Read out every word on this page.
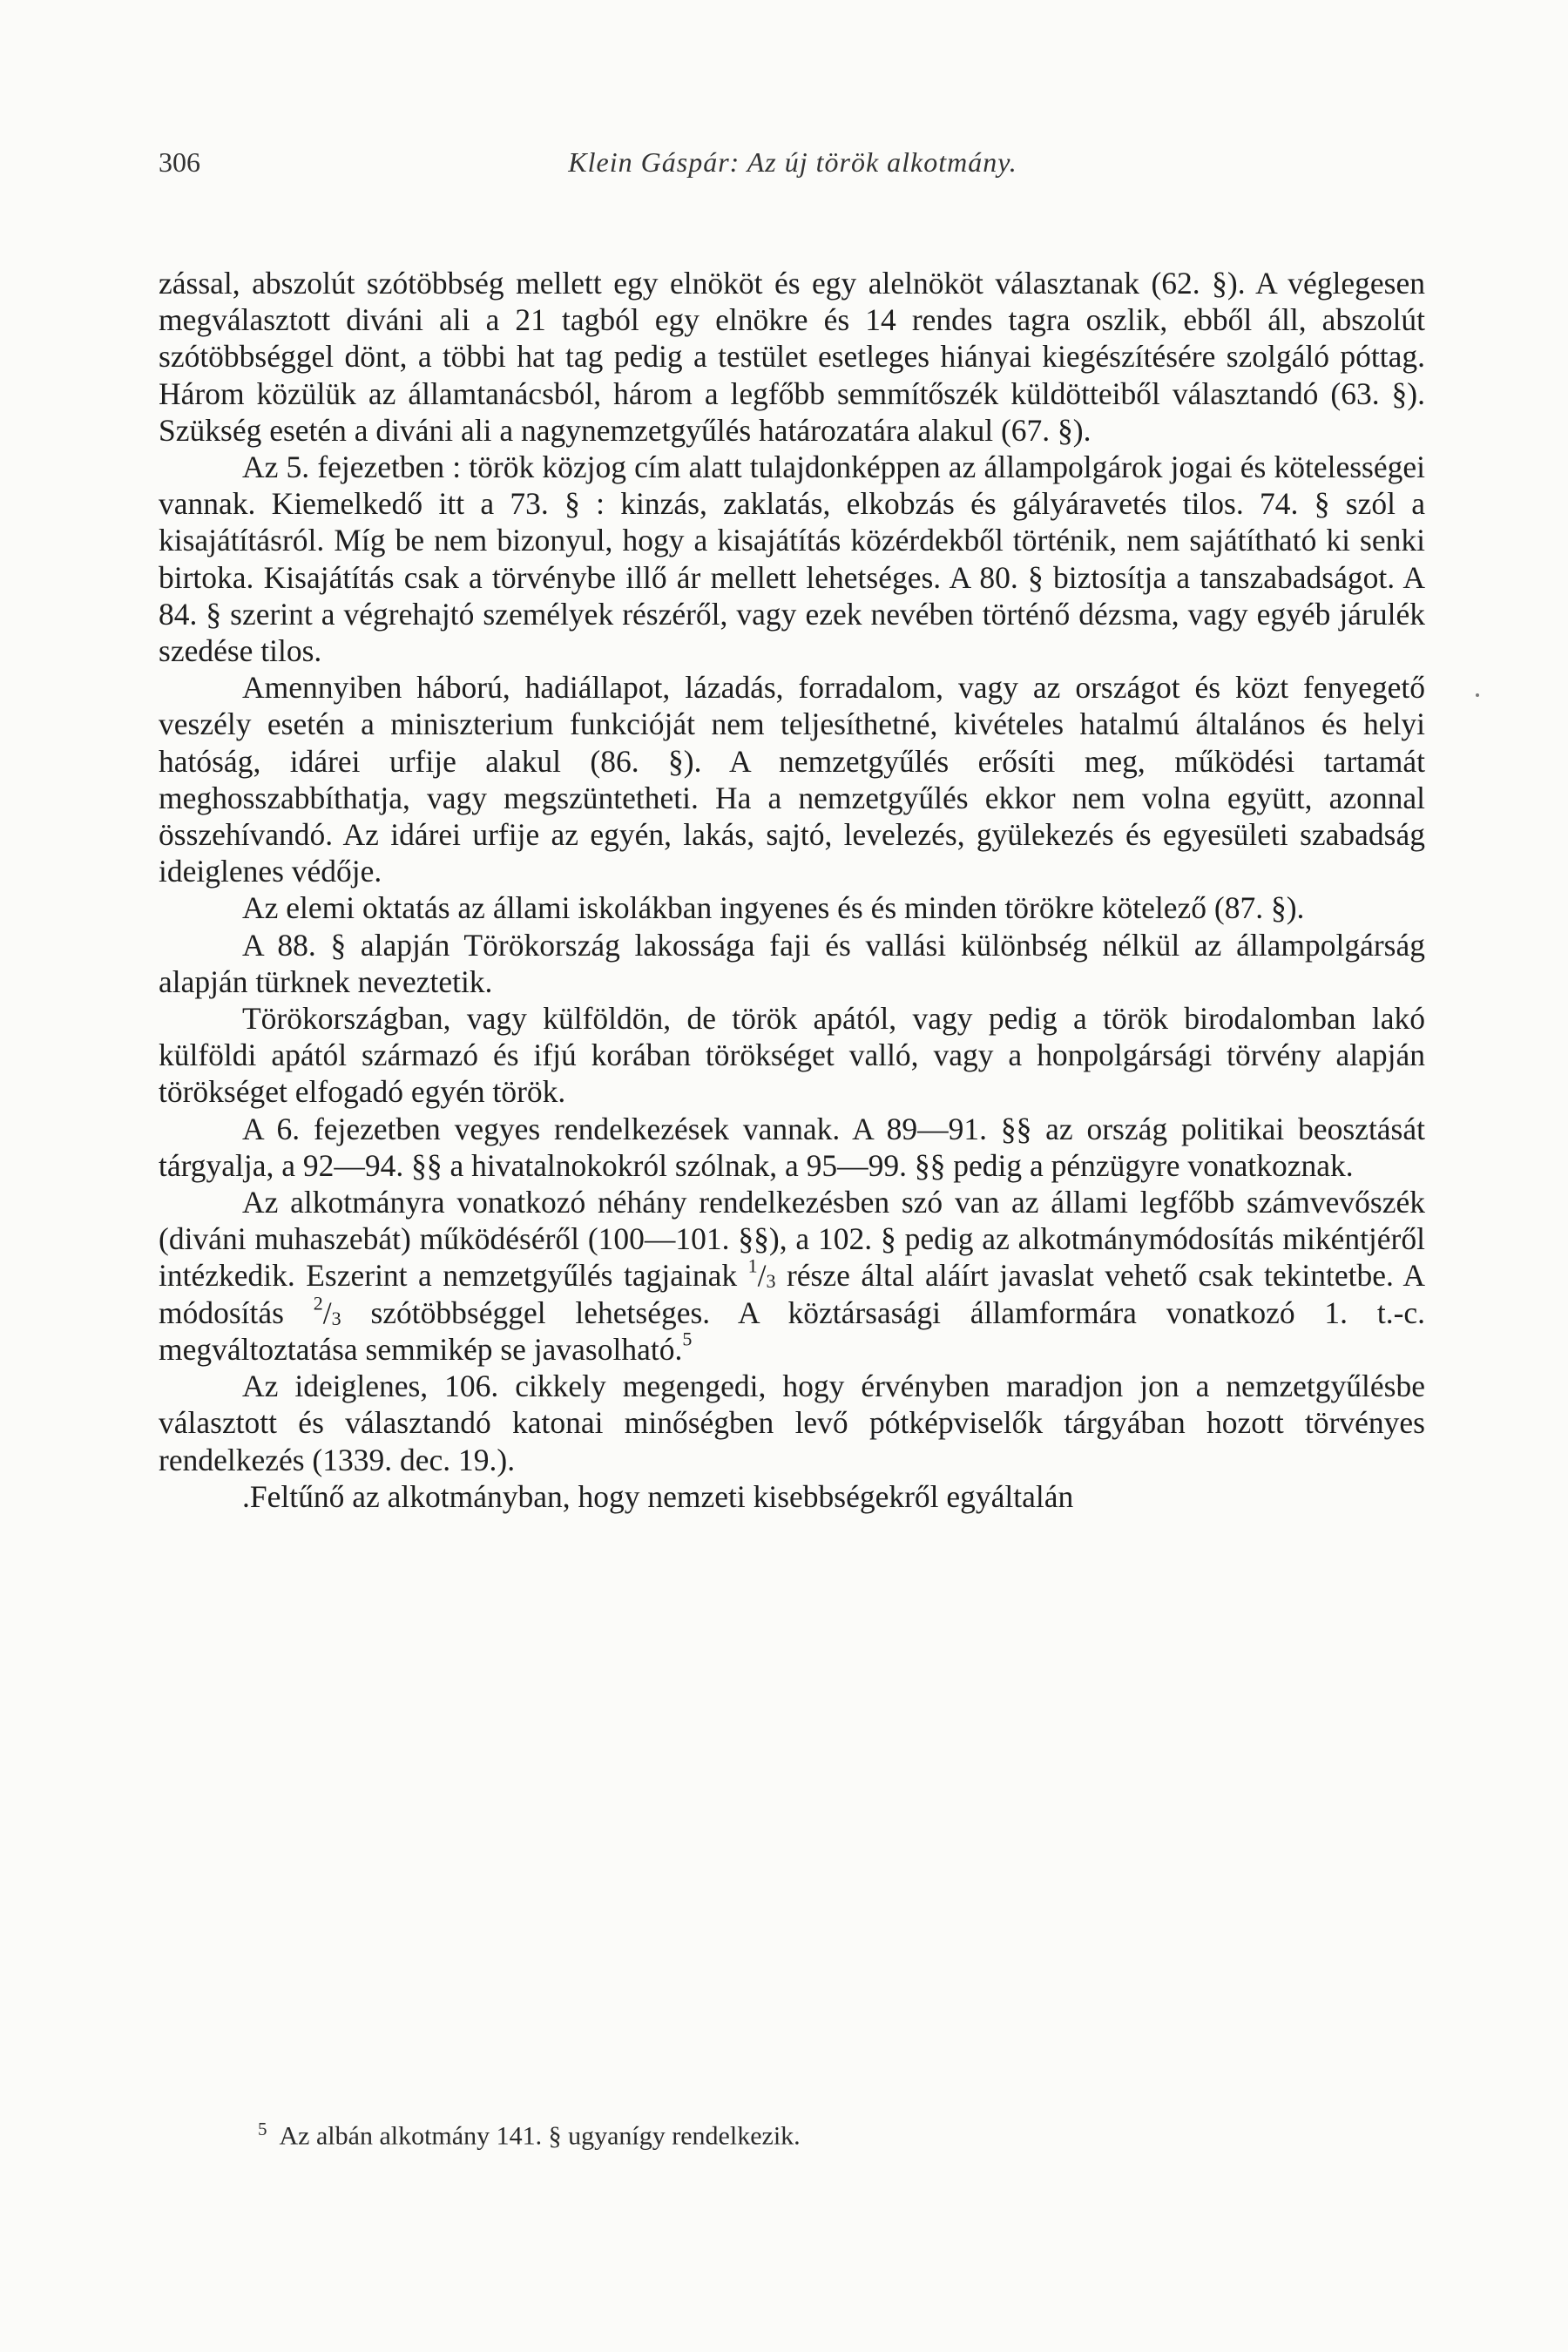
306	Klein Gáspár: Az új török alkotmány.

zással, abszolút szótöbbség mellett egy elnököt és egy alelnököt választanak (62. §). A véglegesen megválasztott diváni ali a 21 tagból egy elnökre és 14 rendes tagra oszlik, ebből áll, abszolút szótöbbséggel dönt, a többi hat tag pedig a testület esetleges hiányai kiegészítésére szolgáló póttag. Három közülük az államtanácsból, három a legfőbb semmítőszék küldötteiből választandó (63. §). Szükség esetén a diváni ali a nagynemzetgyűlés határozatára alakul (67. §).

Az 5. fejezetben : török közjog cím alatt tulajdonképpen az állampolgárok jogai és kötelességei vannak. Kiemelkedő itt a 73. § : kinzás, zaklatás, elkobzás és gályáravetés tilos. 74. § szól a kisajátításról. Míg be nem bizonyul, hogy a kisajátítás közérdekből történik, nem sajátítható ki senki birtoka. Kisajátítás csak a törvénybe illő ár mellett lehetséges. A 80. § biztosítja a tanszabadságot. A 84. § szerint a végrehajtó személyek részéről, vagy ezek nevében történő dézsma, vagy egyéb járulék szedése tilos.

Amennyiben háború, hadiállapot, lázadás, forradalom, vagy az országot és közt fenyegető veszély esetén a miniszterium funkcióját nem teljesíthetné, kivételes hatalmú általános és helyi hatóság, idárei urfije alakul (86. §). A nemzetgyűlés erősíti meg, működési tartamát meghosszabbíthatja, vagy megszüntetheti. Ha a nemzetgyűlés ekkor nem volna együtt, azonnal összehívandó. Az idárei urfije az egyén, lakás, sajtó, levelezés, gyülekezés és egyesületi szabadság ideiglenes védője.

Az elemi oktatás az állami iskolákban ingyenes és és minden törökre kötelező (87. §).

A 88. § alapján Törökország lakossága faji és vallási különbség nélkül az állampolgárság alapján türknek neveztetik.

Törökországban, vagy külföldön, de török apától, vagy pedig a török birodalomban lakó külföldi apától származó és ifjú korában törökséget valló, vagy a honpolgársági törvény alapján törökséget elfogadó egyén török.

A 6. fejezetben vegyes rendelkezések vannak. A 89—91. §§ az ország politikai beosztását tárgyalja, a 92—94. §§ a hivatalnokokról szólnak, a 95—99. §§ pedig a pénzügyre vonatkoznak.

Az alkotmányra vonatkozó néhány rendelkezésben szó van az állami legfőbb számvevőszék (diváni muhaszebát) működéséről (100—101. §§), a 102. § pedig az alkotmánymódosítás mikéntjéről intézkedik. Eszerint a nemzetgyűlés tagjainak $^1/_3$ része által aláírt javaslat vehető csak tekintetbe. A módosítás $^2/_3$ szótöbbséggel lehetséges. A köztársasági államformára vonatkozó 1. t.-c. megváltoztatása semmikép se javasolható.$^5$

Az ideiglenes, 106. cikkely megengedi, hogy érvényben maradjon jon a nemzetgyűlésbe választott és választandó katonai minőségben levő pótképviselők tárgyában hozott törvényes rendelkezés (1339. dec. 19.).

.Feltűnő az alkotmányban, hogy nemzeti kisebbségekről egyáltalán

$^5$ Az albán alkotmány 141. § ugyanígy rendelkezik.
